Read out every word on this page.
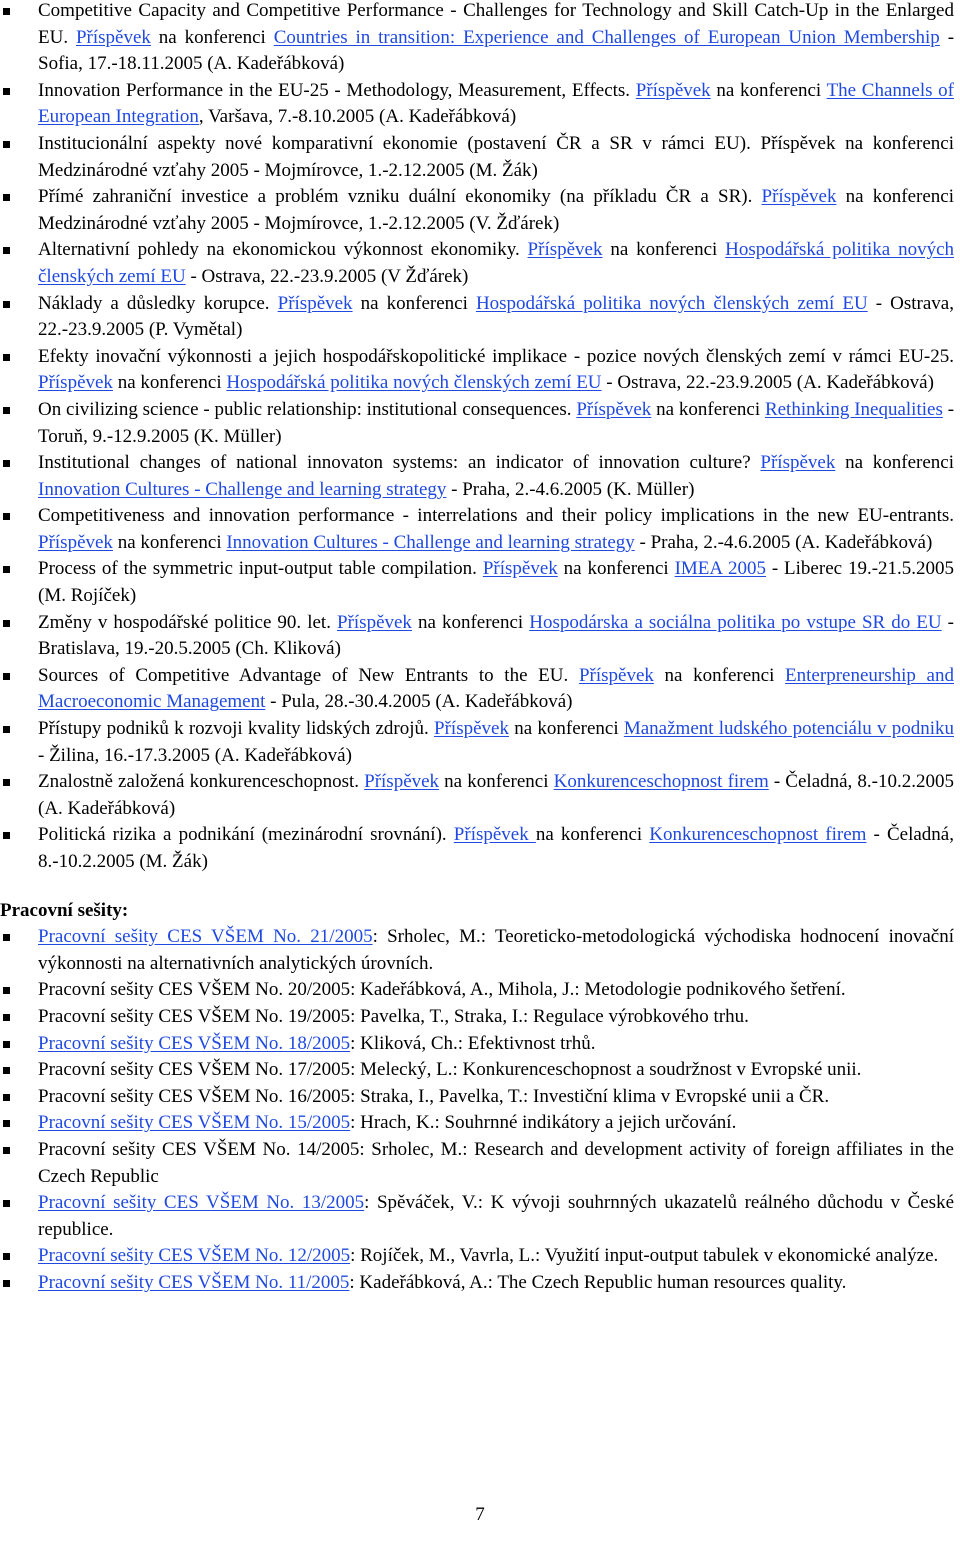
Competitive Capacity and Competitive Performance - Challenges for Technology and Skill Catch-Up in the Enlarged EU. Příspěvek na konferenci Countries in transition: Experience and Challenges of European Union Membership - Sofia, 17.-18.11.2005 (A. Kadeřábková)
Innovation Performance in the EU-25 - Methodology, Measurement, Effects. Příspěvek na konferenci The Channels of European Integration, Varšava, 7.-8.10.2005 (A. Kadeřábková)
Institucionální aspekty nové komparativní ekonomie (postavení ČR a SR v rámci EU). Příspěvek na konferenci Medzinárodné vzťahy 2005 - Mojmírovce, 1.-2.12.2005 (M. Žák)
Přímé zahraniční investice a problém vzniku duální ekonomiky (na příkladu ČR a SR). Příspěvek na konferenci Medzinárodné vzťahy 2005 - Mojmírovce, 1.-2.12.2005 (V. Žďárek)
Alternativní pohledy na ekonomickou výkonnost ekonomiky. Příspěvek na konferenci Hospodářská politika nových členských zemí EU - Ostrava, 22.-23.9.2005 (V Žďárek)
Náklady a důsledky korupce. Příspěvek na konferenci Hospodářská politika nových členských zemí EU - Ostrava, 22.-23.9.2005 (P. Vymětal)
Efekty inovační výkonnosti a jejich hospodářskopolitické implikace - pozice nových členských zemí v rámci EU-25. Příspěvek na konferenci Hospodářská politika nových členských zemí EU - Ostrava, 22.-23.9.2005 (A. Kadeřábková)
On civilizing science - public relationship: institutional consequences. Příspěvek na konferenci Rethinking Inequalities - Toruň, 9.-12.9.2005 (K. Müller)
Institutional changes of national innovaton systems: an indicator of innovation culture? Příspěvek na konferenci Innovation Cultures - Challenge and learning strategy - Praha, 2.-4.6.2005 (K. Müller)
Competitiveness and innovation performance - interrelations and their policy implications in the new EU-entrants. Příspěvek na konferenci Innovation Cultures - Challenge and learning strategy - Praha, 2.-4.6.2005 (A. Kadeřábková)
Process of the symmetric input-output table compilation. Příspěvek na konferenci IMEA 2005 - Liberec 19.-21.5.2005 (M. Rojíček)
Změny v hospodářské politice 90. let. Příspěvek na konferenci Hospodárska a sociálna politika po vstupe SR do EU - Bratislava, 19.-20.5.2005 (Ch. Kliková)
Sources of Competitive Advantage of New Entrants to the EU. Příspěvek na konferenci Enterpreneurship and Macroeconomic Management - Pula, 28.-30.4.2005 (A. Kadeřábková)
Přístupy podniků k rozvoji kvality lidských zdrojů. Příspěvek na konferenci Manažment ludského potenciálu v podniku - Žilina, 16.-17.3.2005 (A. Kadeřábková)
Znalostně založená konkurenceschopnost. Příspěvek na konferenci Konkurenceschopnost firem - Čeladná, 8.-10.2.2005 (A. Kadeřábková)
Politická rizika a podnikání (mezinárodní srovnání). Příspěvek na konferenci Konkurenceschopnost firem - Čeladná, 8.-10.2.2005 (M. Žák)

Pracovní sešity:

Pracovní sešity CES VŠEM No. 21/2005: Srholec, M.: Teoreticko-metodologická východiska hodnocení inovační výkonnosti na alternativních analytických úrovních.
Pracovní sešity CES VŠEM No. 20/2005: Kadeřábková, A., Mihola, J.: Metodologie podnikového šetření.
Pracovní sešity CES VŠEM No. 19/2005: Pavelka, T., Straka, I.: Regulace výrobkového trhu.
Pracovní sešity CES VŠEM No. 18/2005: Kliková, Ch.: Efektivnost trhů.
Pracovní sešity CES VŠEM No. 17/2005: Melecký, L.: Konkurenceschopnost a soudržnost v Evropské unii.
Pracovní sešity CES VŠEM No. 16/2005: Straka, I., Pavelka, T.: Investiční klima v Evropské unii a ČR.
Pracovní sešity CES VŠEM No. 15/2005: Hrach, K.: Souhrnné indikátory a jejich určování.
Pracovní sešity CES VŠEM No. 14/2005: Srholec, M.: Research and development activity of foreign affiliates in the Czech Republic
Pracovní sešity CES VŠEM No. 13/2005: Spěváček, V.: K vývoji souhrnných ukazatelů reálného důchodu v České republice.
Pracovní sešity CES VŠEM No. 12/2005: Rojíček, M., Vavrla, L.: Využití input-output tabulek v ekonomické analýze.
Pracovní sešity CES VŠEM No. 11/2005: Kadeřábková, A.: The Czech Republic human resources quality.
7
